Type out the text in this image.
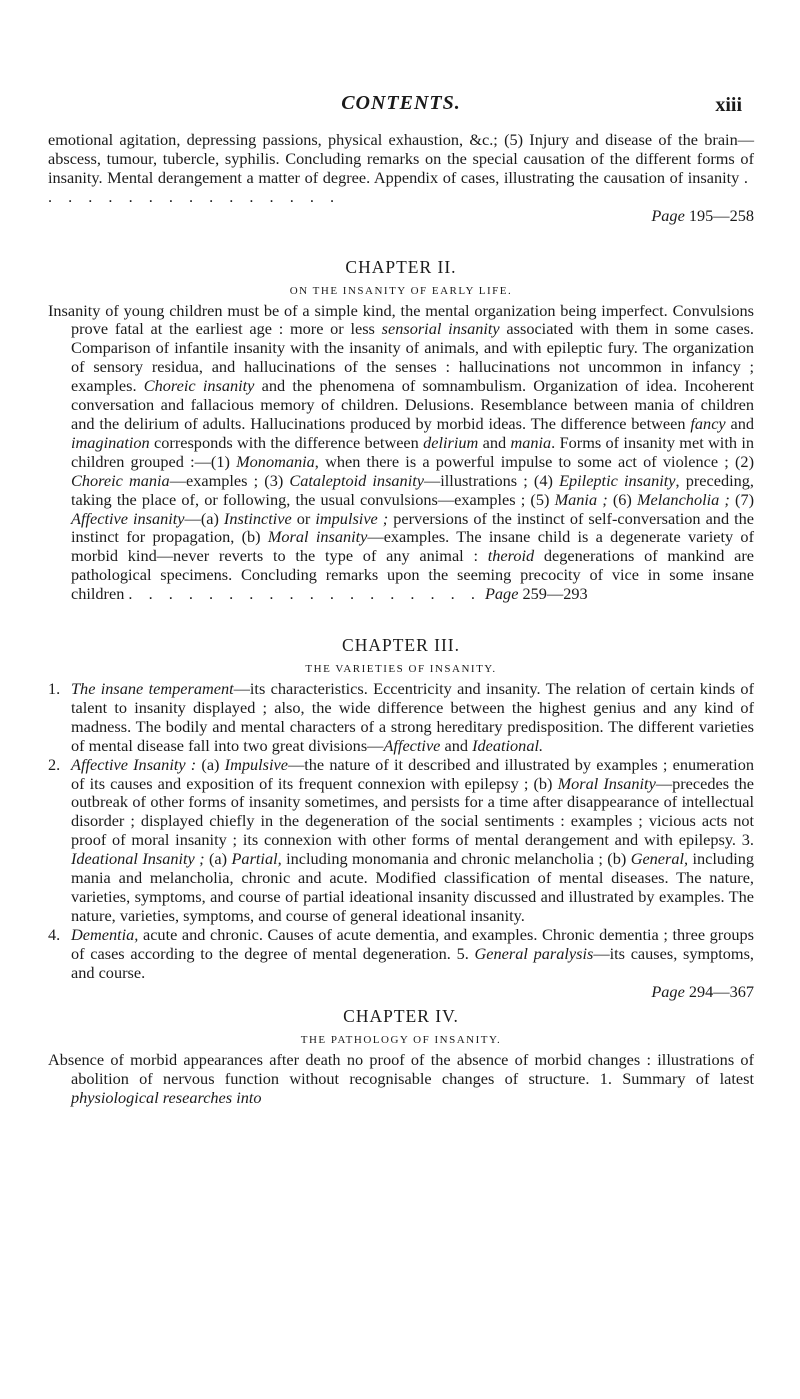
CONTENTS.	xiii

emotional agitation, depressing passions, physical exhaustion, &c.; (5) Injury and disease of the brain—abscess, tumour, tubercle, syphilis. Concluding remarks on the special causation of the different forms of insanity. Mental derangement a matter of degree. Appendix of cases, illustrating the causation of insanity . . . . . . . . . . . . . . . .

Page 195—258

CHAPTER II.
ON THE INSANITY OF EARLY LIFE.

Insanity of young children must be of a simple kind, the mental organization being imperfect. Convulsions prove fatal at the earliest age : more or less sensorial insanity associated with them in some cases. Comparison of infantile insanity with the insanity of animals, and with epileptic fury. The organization of sensory residua, and hallucinations of the senses : hallucinations not uncommon in infancy ; examples. Choreic insanity and the phenomena of somnambulism. Organization of idea. Incoherent conversation and fallacious memory of children. Delusions. Resemblance between mania of children and the delirium of adults. Hallucinations produced by morbid ideas. The difference between fancy and imagination corresponds with the difference between delirium and mania. Forms of insanity met with in children grouped :—(1) Monomania, when there is a powerful impulse to some act of violence ; (2) Choreic mania—examples ; (3) Cataleptoid insanity—illustrations ; (4) Epileptic insanity, preceding, taking the place of, or following, the usual convulsions—examples ; (5) Mania ; (6) Melancholia ; (7) Affective insanity—(a) Instinctive or impulsive ; perversions of the instinct of self-conversation and the instinct for propagation, (b) Moral insanity—examples. The insane child is a degenerate variety of morbid kind—never reverts to the type of any animal : theroid degenerations of mankind are pathological specimens. Concluding remarks upon the seeming precocity of vice in some insane children . . . . . . . . . . . . . . . . . . Page 259—293

CHAPTER III.
THE VARIETIES OF INSANITY.

1. The insane temperament—its characteristics. Eccentricity and insanity. The relation of certain kinds of talent to insanity displayed ; also, the wide difference between the highest genius and any kind of madness. The bodily and mental characters of a strong hereditary predisposition. The different varieties of mental disease fall into two great divisions—Affective and Ideational.

2. Affective Insanity : (a) Impulsive—the nature of it described and illustrated by examples ; enumeration of its causes and exposition of its frequent connexion with epilepsy ; (b) Moral Insanity—precedes the outbreak of other forms of insanity sometimes, and persists for a time after disappearance of intellectual disorder ; displayed chiefly in the degeneration of the social sentiments : examples ; vicious acts not proof of moral insanity ; its connexion with other forms of mental derangement and with epilepsy. 3. Ideational Insanity ; (a) Partial, including monomania and chronic melancholia ; (b) General, including mania and melancholia, chronic and acute. Modified classification of mental diseases. The nature, varieties, symptoms, and course of partial ideational insanity discussed and illustrated by examples. The nature, varieties, symptoms, and course of general ideational insanity.

4. Dementia, acute and chronic. Causes of acute dementia, and examples. Chronic dementia ; three groups of cases according to the degree of mental degeneration. 5. General paralysis—its causes, symptoms, and course.

Page 294—367

CHAPTER IV.
THE PATHOLOGY OF INSANITY.

Absence of morbid appearances after death no proof of the absence of morbid changes : illustrations of abolition of nervous function without recognisable changes of structure. 1. Summary of latest physiological researches into
